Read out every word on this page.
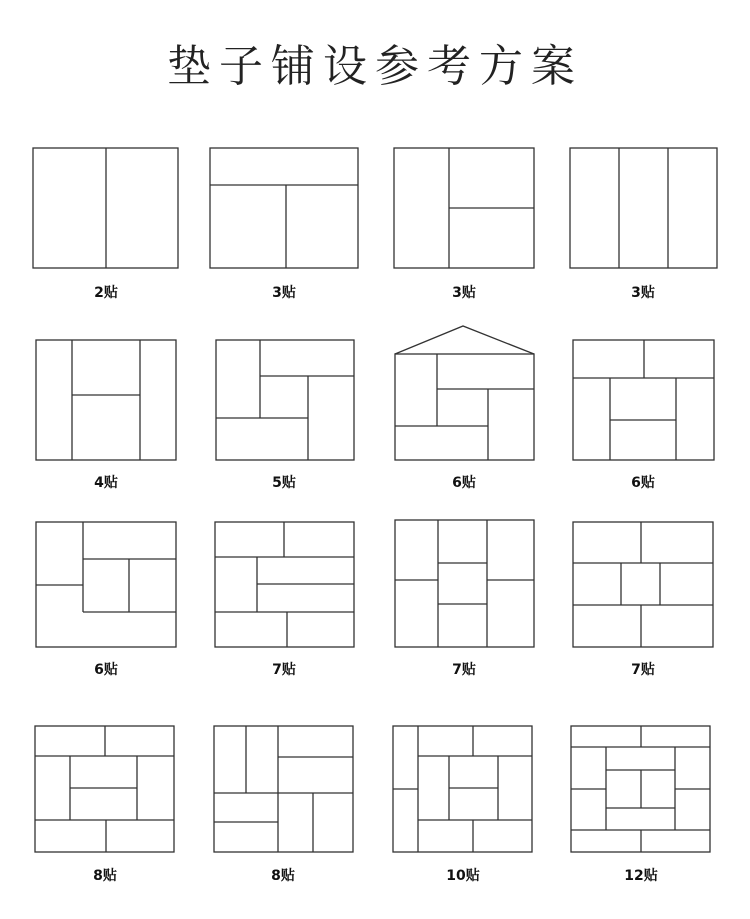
垫子铺设参考方案
2贴	3贴	3贴	3贴
4贴	5贴	6贴	6贴
6贴	7贴	7贴	7贴
8贴	8贴	10贴	12贴
